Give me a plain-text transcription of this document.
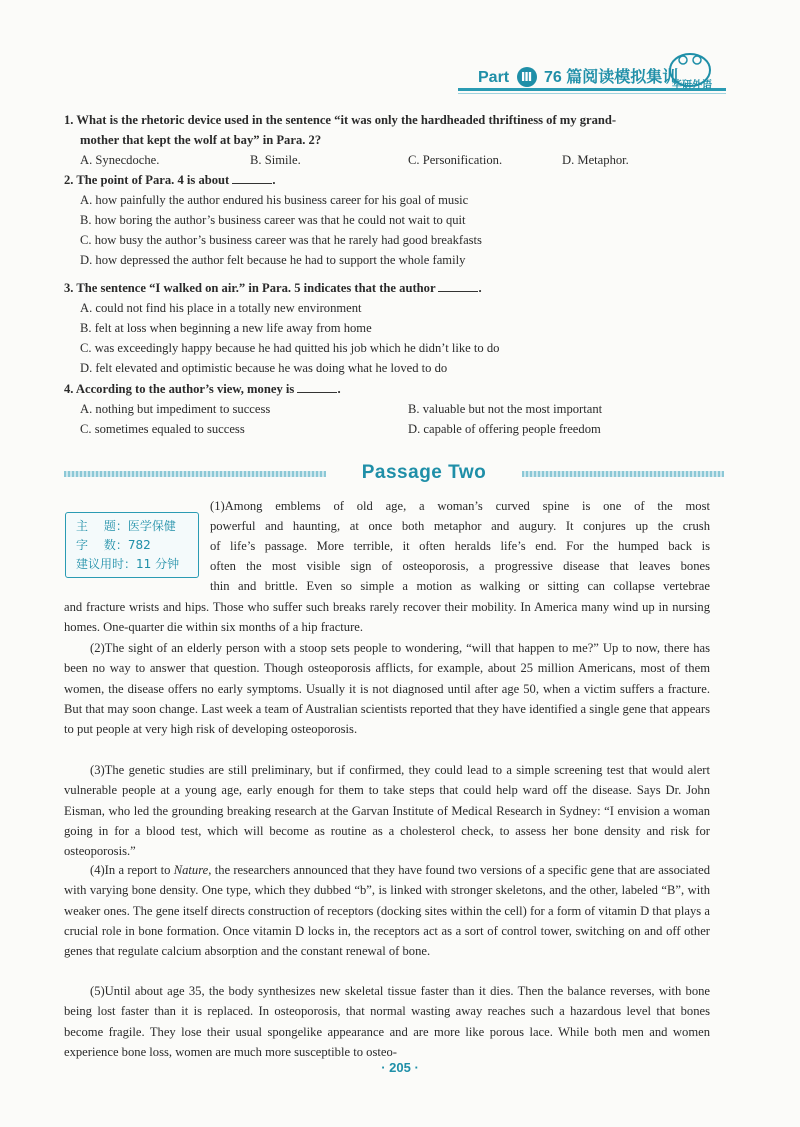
Part Ⅲ 76 篇阅读模拟集训
华研外语
1. What is the rhetoric device used in the sentence “it was only the hardheaded thriftiness of my grand-
mother that kept the wolf at bay” in Para. 2?
A. Synecdoche.	B. Simile.	C. Personification.	D. Metaphor.
2. The point of Para. 4 is about	.
A. how painfully the author endured his business career for his goal of music
B. how boring the author’s business career was that he could not wait to quit
C. how busy the author’s business career was that he rarely had good breakfasts
D. how depressed the author felt because he had to support the whole family
3. The sentence “I walked on air.” in Para. 5 indicates that the author	.
A. could not find his place in a totally new environment
B. felt at loss when beginning a new life away from home
C. was exceedingly happy because he had quitted his job which he didn’t like to do
D. felt elevated and optimistic because he was doing what he loved to do
4. According to the author’s view, money is	.
A. nothing but impediment to success	B. valuable but not the most important
C. sometimes equaled to success	D. capable of offering people freedom
Passage Two
主　 题：医学保健
字　 数：782
建议用时：11 分钟
(1)Among emblems of old age, a woman’s curved spine is one of the most
powerful and haunting, at once both metaphor and augury. It conjures up the crush
of life’s passage. More terrible, it often heralds life’s end. For the humped back is
often the most visible sign of osteoporosis, a progressive disease that leaves bones
thin and brittle. Even so simple a motion as walking or sitting can collapse vertebrae
and fracture wrists and hips. Those who suffer such breaks rarely recover their mobility. In America many wind up in nursing homes. One-quarter die within six months of a hip fracture.
(2)The sight of an elderly person with a stoop sets people to wondering, “will that happen to me?” Up to now, there has been no way to answer that question. Though osteoporosis afflicts, for example, about 25 million Americans, most of them women, the disease offers no early symptoms. Usually it is not diagnosed until after age 50, when a victim suffers a fracture. But that may soon change. Last week a team of Australian scientists reported that they have identified a single gene that appears to put people at very high risk of developing osteoporosis.
(3)The genetic studies are still preliminary, but if confirmed, they could lead to a simple screening test that would alert vulnerable people at a young age, early enough for them to take steps that could help ward off the disease. Says Dr. John Eisman, who led the grounding breaking research at the Garvan Institute of Medical Research in Sydney: “I envision a woman going in for a blood test, which will become as routine as a cholesterol check, to assess her bone density and risk for osteoporosis.”
(4)In a report to Nature, the researchers announced that they have found two versions of a specific gene that are associated with varying bone density. One type, which they dubbed “b”, is linked with stronger skeletons, and the other, labeled “B”, with weaker ones. The gene itself directs construction of receptors (docking sites within the cell) for a form of vitamin D that plays a crucial role in bone formation. Once vitamin D locks in, the receptors act as a sort of control tower, switching on and off other genes that regulate calcium absorption and the constant renewal of bone.
(5)Until about age 35, the body synthesizes new skeletal tissue faster than it dies. Then the balance reverses, with bone being lost faster than it is replaced. In osteoporosis, that normal wasting away reaches such a hazardous level that bones become fragile. They lose their usual spongelike appearance and are more like porous lace. While both men and women experience bone loss, women are much more susceptible to osteo-
· 205 ·
